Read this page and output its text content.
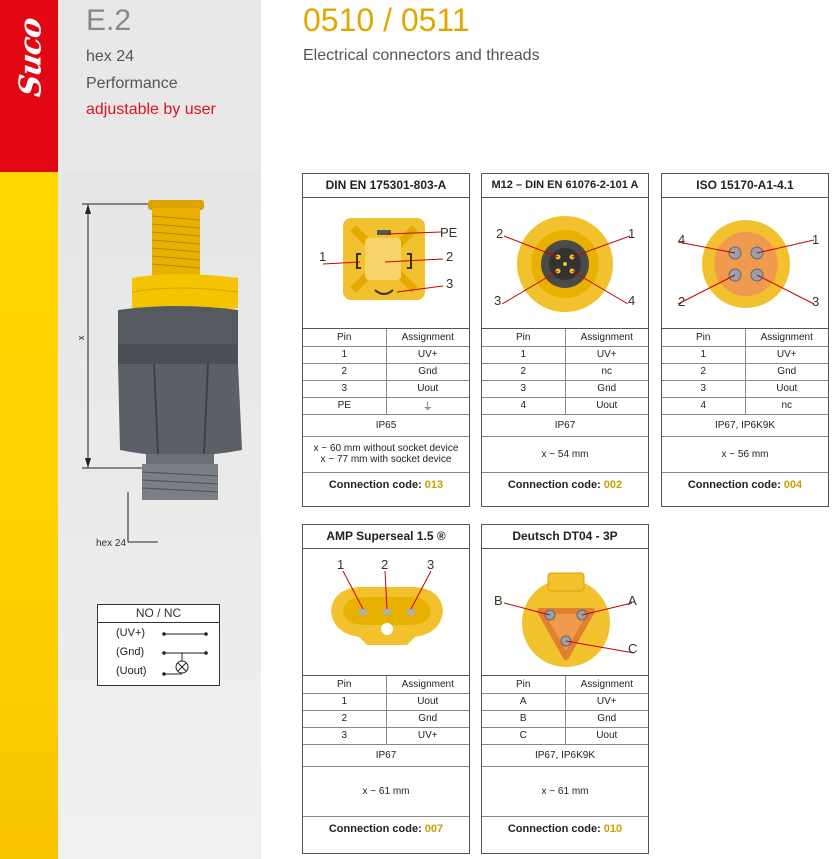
Suco E.2
hex 24
Performance
adjustable by user
0510 / 0511
Electrical connectors and threads
x
hex 24
NO / NC
(UV+)
(Gnd)
(Uout)
DIN EN 175301-803-A
PE
1	2
3
Pin	Assignment
1	UV+
2	Gnd
3	Uout
PE	⏚
IP65
x ~ 60 mm without socket device
x ~ 77 mm with socket device
Connection code: 013
M12 – DIN EN 61076-2-101 A
2	1
3	4
Pin	Assignment
1	UV+
2	nc
3	Gnd
4	Uout
IP67
x ~ 54 mm
Connection code: 002
ISO 15170-A1-4.1
4	1
2	3
Pin	Assignment
1	UV+
2	Gnd
3	Uout
4	nc
IP67, IP6K9K
x ~ 56 mm
Connection code: 004
AMP Superseal 1.5 ®
1	2	3
Pin	Assignment
1	Uout
2	Gnd
3	UV+
IP67
x ~ 61 mm
Connection code: 007
Deutsch DT04 - 3P
B	A
C
Pin	Assignment
A	UV+
B	Gnd
C	Uout
IP67, IP6K9K
x ~ 61 mm
Connection code: 010
